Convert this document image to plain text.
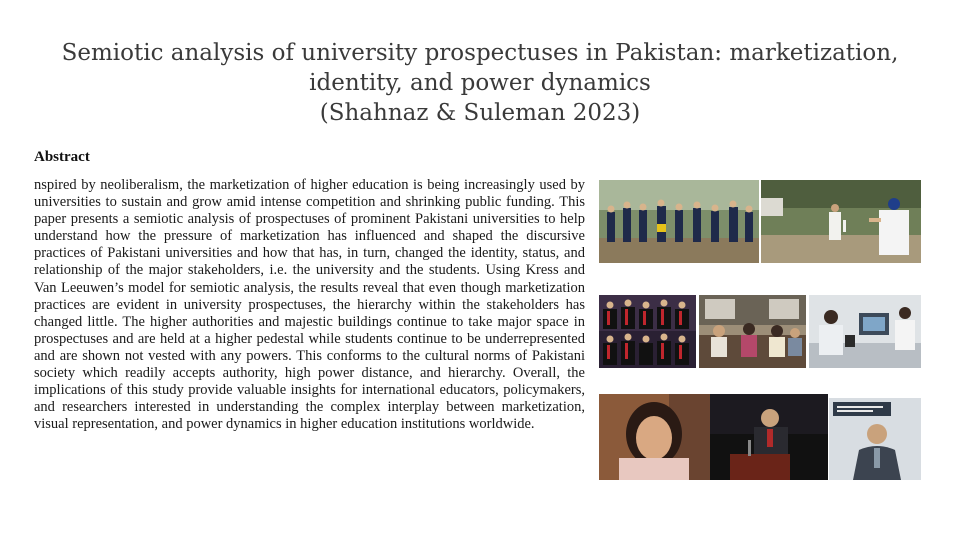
Semiotic analysis of university prospectuses in Pakistan: marketization,
identity, and power dynamics
(Shahnaz & Suleman 2023)
Abstract

nspired by neoliberalism, the marketization of higher education is being increasingly used by universities to sustain and grow amid intense competition and shrinking public funding. This paper presents a semiotic analysis of prospectuses of prominent Pakistani universities to help understand how the pressure of marketization has influenced and shaped the discursive practices of Pakistani universities and how that has, in turn, changed the identity, status, and relationship of the major stakeholders, i.e. the university and the students. Using Kress and Van Leeuwen’s model for semiotic analysis, the results reveal that even though marketization practices are evident in university prospectuses, the hierarchy within the stakeholders has changed little. The higher authorities and majestic buildings continue to take major space in prospectuses and are held at a higher pedestal while students continue to be underrepresented and are shown not vested with any powers. This conforms to the cultural norms of Pakistani society which readily accepts authority, high power distance, and hierarchy. Overall, the implications of this study provide valuable insights for international educators, policymakers, and researchers interested in understanding the complex interplay between marketization, visual representation, and power dynamics in higher education institutions worldwide.
